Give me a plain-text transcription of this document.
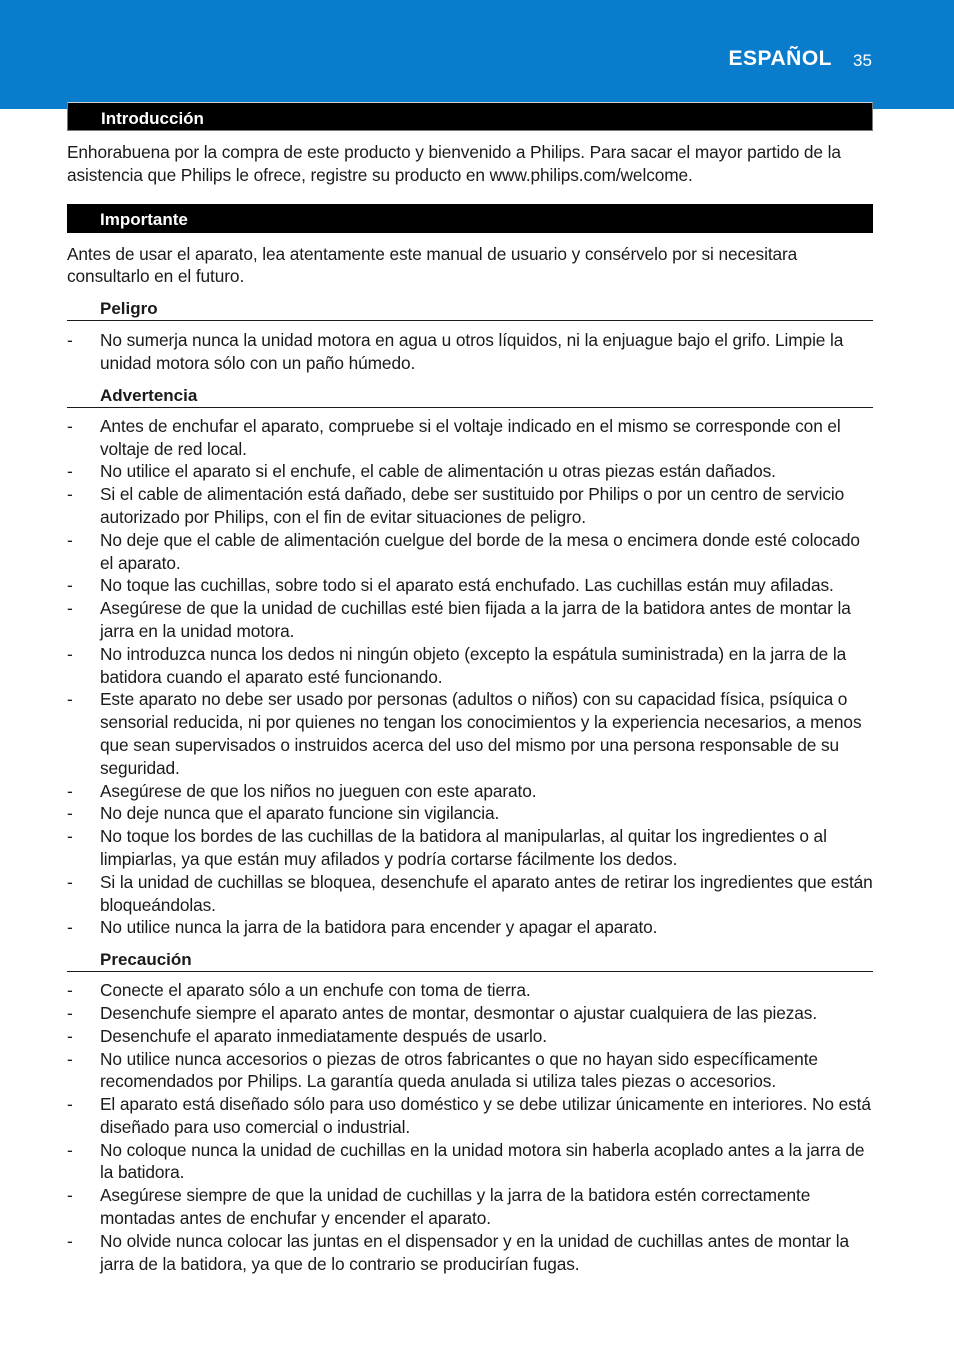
ESPAÑOL 35
Introducción

Enhorabuena por la compra de este producto y bienvenido a Philips. Para sacar el mayor partido de la asistencia que Philips le ofrece, registre su producto en www.philips.com/welcome.

Importante

Antes de usar el aparato, lea atentamente este manual de usuario y consérvelo por si necesitara consultarlo en el futuro.

Peligro
- No sumerja nunca la unidad motora en agua u otros líquidos, ni la enjuague bajo el grifo. Limpie la unidad motora sólo con un paño húmedo.
Advertencia
- Antes de enchufar el aparato, compruebe si el voltaje indicado en el mismo se corresponde con el voltaje de red local.
- No utilice el aparato si el enchufe, el cable de alimentación u otras piezas están dañados.
- Si el cable de alimentación está dañado, debe ser sustituido por Philips o por un centro de servicio autorizado por Philips, con el fin de evitar situaciones de peligro.
- No deje que el cable de alimentación cuelgue del borde de la mesa o encimera donde esté colocado el aparato.
- No toque las cuchillas, sobre todo si el aparato está enchufado. Las cuchillas están muy afiladas.
- Asegúrese de que la unidad de cuchillas esté bien fijada a la jarra de la batidora antes de montar la jarra en la unidad motora.
- No introduzca nunca los dedos ni ningún objeto (excepto la espátula suministrada) en la jarra de la batidora cuando el aparato esté funcionando.
- Este aparato no debe ser usado por personas (adultos o niños) con su capacidad física, psíquica o sensorial reducida, ni por quienes no tengan los conocimientos y la experiencia necesarios, a menos que sean supervisados o instruidos acerca del uso del mismo por una persona responsable de su seguridad.
- Asegúrese de que los niños no jueguen con este aparato.
- No deje nunca que el aparato funcione sin vigilancia.
- No toque los bordes de las cuchillas de la batidora al manipularlas, al quitar los ingredientes o al limpiarlas, ya que están muy afilados y podría cortarse fácilmente los dedos.
- Si la unidad de cuchillas se bloquea, desenchufe el aparato antes de retirar los ingredientes que están bloqueándolas.
- No utilice nunca la jarra de la batidora para encender y apagar el aparato.
Precaución
- Conecte el aparato sólo a un enchufe con toma de tierra.
- Desenchufe siempre el aparato antes de montar, desmontar o ajustar cualquiera de las piezas.
- Desenchufe el aparato inmediatamente después de usarlo.
- No utilice nunca accesorios o piezas de otros fabricantes o que no hayan sido específicamente recomendados por Philips. La garantía queda anulada si utiliza tales piezas o accesorios.
- El aparato está diseñado sólo para uso doméstico y se debe utilizar únicamente en interiores. No está diseñado para uso comercial o industrial.
- No coloque nunca la unidad de cuchillas en la unidad motora sin haberla acoplado antes a la jarra de la batidora.
- Asegúrese siempre de que la unidad de cuchillas y la jarra de la batidora estén correctamente montadas antes de enchufar y encender el aparato.
- No olvide nunca colocar las juntas en el dispensador y en la unidad de cuchillas antes de montar la jarra de la batidora, ya que de lo contrario se producirían fugas.
